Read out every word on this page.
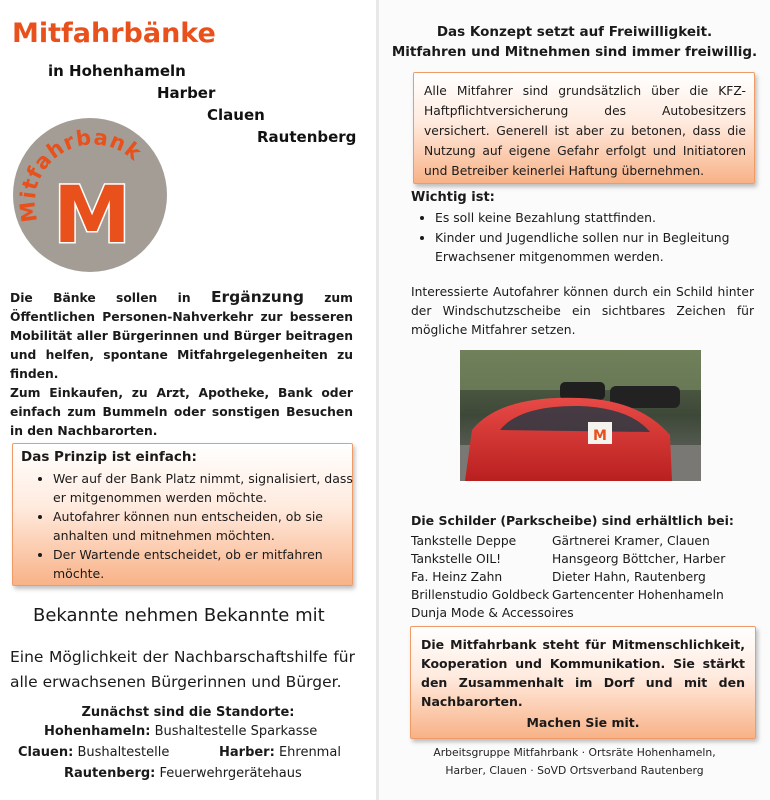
Mitfahrbänke
in Hohenhameln
Harber
Clauen
Rautenberg
Mitfahrbank
M
Die Bänke sollen in Ergänzung zum Öffentlichen Personen-Nahverkehr zur besseren Mobilität aller Bürgerinnen und Bürger beitragen und helfen, spontane Mitfahrgelegenheiten zu finden.
Zum Einkaufen, zu Arzt, Apotheke, Bank oder einfach zum Bummeln oder sonstigen Besuchen in den Nachbarorten.
Das Prinzip ist einfach:
• Wer auf der Bank Platz nimmt, signalisiert, dass er mitgenommen werden möchte.
• Autofahrer können nun entscheiden, ob sie anhalten und mitnehmen möchten.
• Der Wartende entscheidet, ob er mitfahren möchte.
Bekannte nehmen Bekannte mit
Eine Möglichkeit der Nachbarschaftshilfe für alle erwachsenen Bürgerinnen und Bürger.
Zunächst sind die Standorte:
Hohenhameln: Bushaltestelle Sparkasse
Clauen: Bushaltestelle	Harber: Ehrenmal
Rautenberg: Feuerwehrgerätehaus
Das Konzept setzt auf Freiwilligkeit.
Mitfahren und Mitnehmen sind immer freiwillig.

Alle Mitfahrer sind grundsätzlich über die KFZ-Haftpflichtversicherung des Autobesitzers versichert. Generell ist aber zu betonen, dass die Nutzung auf eigene Gefahr erfolgt und Initiatoren und Betreiber keinerlei Haftung übernehmen.

Wichtig ist:
• Es soll keine Bezahlung stattfinden.
• Kinder und Jugendliche sollen nur in Begleitung Erwachsener mitgenommen werden.
Interessierte Autofahrer können durch ein Schild hinter der Windschutzscheibe ein sichtbares Zeichen für mögliche Mitfahrer setzen.
M
Die Schilder (Parkscheibe) sind erhältlich bei:
Tankstelle Deppe
Tankstelle OIL!
Fa. Heinz Zahn
Brillenstudio Goldbeck
Dunja Mode & Accessoires
Gärtnerei Kramer, Clauen
Hansgeorg Böttcher, Harber
Dieter Hahn, Rautenberg
Gartencenter Hohenhameln

Die Mitfahrbank steht für Mitmenschlichkeit, Kooperation und Kommunikation. Sie stärkt den Zusammenhalt im Dorf und mit den Nachbarorten.

Machen Sie mit.
Arbeitsgruppe Mitfahrbank · Ortsräte Hohenhameln,
Harber, Clauen · SoVD Ortsverband Rautenberg
